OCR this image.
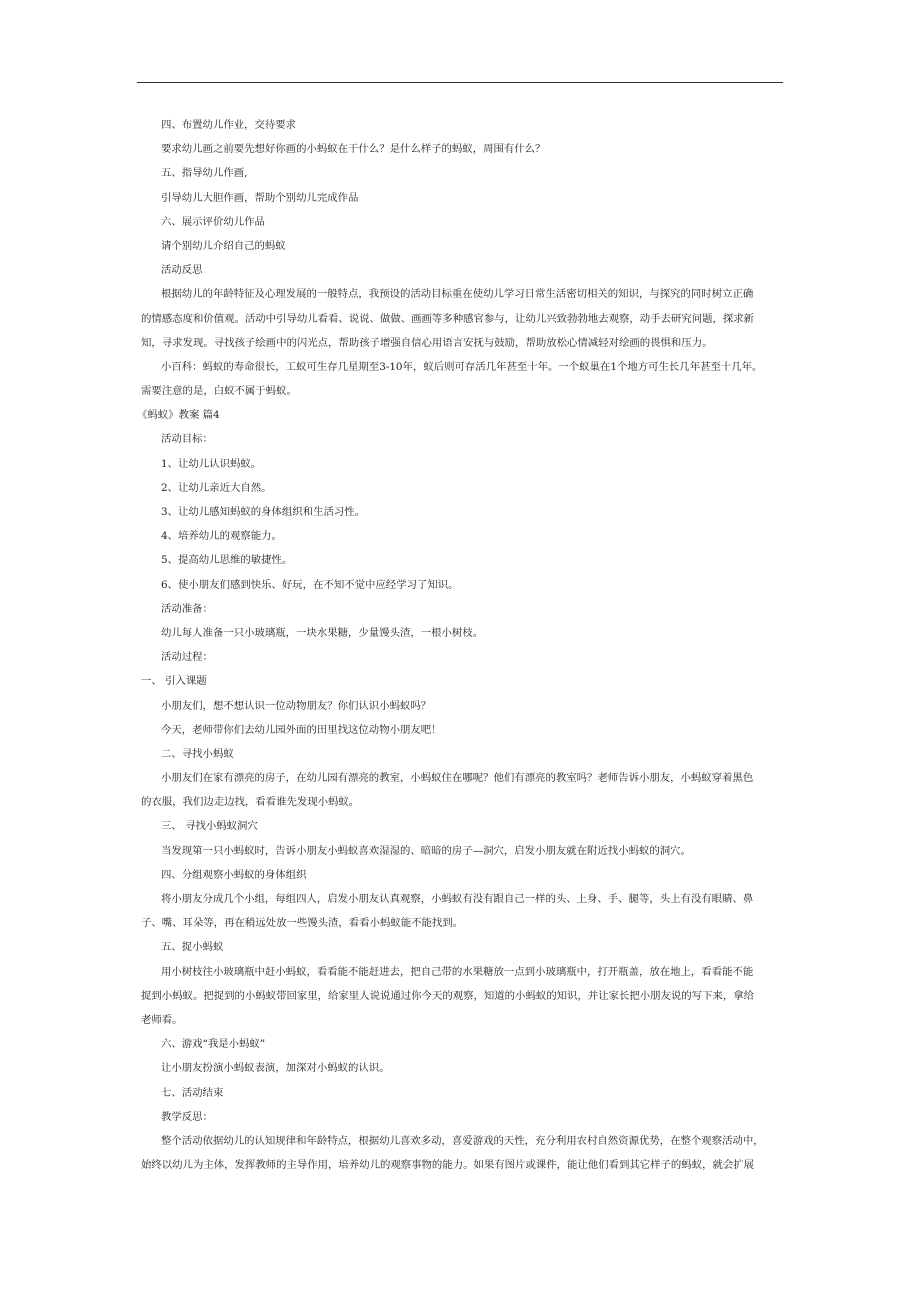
四、布置幼儿作业，交待要求
要求幼儿画之前要先想好你画的小蚂蚁在干什么？是什么样子的蚂蚁，周围有什么？
五、指导幼儿作画,
引导幼儿大胆作画，帮助个别幼儿完成作品
六、展示评价幼儿作品
请个别幼儿介绍自己的蚂蚁
活动反思
根据幼儿的年龄特征及心理发展的一般特点，我预设的活动目标重在使幼儿学习日常生活密切相关的知识，与探究的同时树立正确
的情感态度和价值观。活动中引导幼儿看看、说说、做做、画画等多种感官参与，让幼儿兴致勃勃地去观察，动手去研究问题，探求新
知，寻求发现。寻找孩子绘画中的闪光点，帮助孩子增强自信心用语言安抚与鼓励，帮助放松心情减轻对绘画的畏惧和压力。
小百科：蚂蚁的寿命很长，工蚁可生存几星期至3-10年，蚁后则可存活几年甚至十年。一个蚁巢在1个地方可生长几年甚至十几年。
需要注意的是，白蚁不属于蚂蚁。
《蚂蚁》教案 篇4
活动目标：
1、让幼儿认识蚂蚁。
2、让幼儿亲近大自然。
3、让幼儿感知蚂蚁的身体组织和生活习性。
4、培养幼儿的观察能力。
5、提高幼儿思维的敏捷性。
6、使小朋友们感到快乐、好玩，在不知不觉中应经学习了知识。
活动准备：
幼儿每人准备一只小玻璃瓶，一块水果糖，少量馒头渣，一根小树枝。
活动过程：
一、 引入课题
小朋友们，想不想认识一位动物朋友？你们认识小蚂蚁吗？
今天，老师带你们去幼儿园外面的田里找这位动物小朋友吧！
二、寻找小蚂蚁
小朋友们在家有漂亮的房子，在幼儿园有漂亮的教室，小蚂蚁住在哪呢？他们有漂亮的教室吗？老师告诉小朋友，小蚂蚁穿着黑色
的衣服，我们边走边找，看看谁先发现小蚂蚁。
三、 寻找小蚂蚁洞穴
当发现第一只小蚂蚁时，告诉小朋友小蚂蚁喜欢湿湿的、暗暗的房子—洞穴，启发小朋友就在附近找小蚂蚁的洞穴。
四、分组观察小蚂蚁的身体组织
将小朋友分成几个小组，每组四人，启发小朋友认真观察，小蚂蚁有没有跟自己一样的头、上身、手、腿等，头上有没有眼睛、鼻
子、嘴、耳朵等，再在稍远处放一些馒头渣，看看小蚂蚁能不能找到。
五、捉小蚂蚁
用小树枝往小玻璃瓶中赶小蚂蚁，看看能不能赶进去，把自己带的水果糖放一点到小玻璃瓶中，打开瓶盖，放在地上，看看能不能
捉到小蚂蚁。把捉到的小蚂蚁带回家里，给家里人说说通过你今天的观察，知道的小蚂蚁的知识，并让家长把小朋友说的写下来，拿给
老师看。
六、游戏“我是小蚂蚁”
让小朋友扮演小蚂蚁表演，加深对小蚂蚁的认识。
七、活动结束
教学反思：
整个活动依据幼儿的认知规律和年龄特点，根据幼儿喜欢多动，喜爱游戏的天性，充分利用农村自然资源优势，在整个观察活动中，
始终以幼儿为主体，发挥教师的主导作用，培养幼儿的观察事物的能力。如果有图片或课件，能让他们看到其它样子的蚂蚁，就会扩展
